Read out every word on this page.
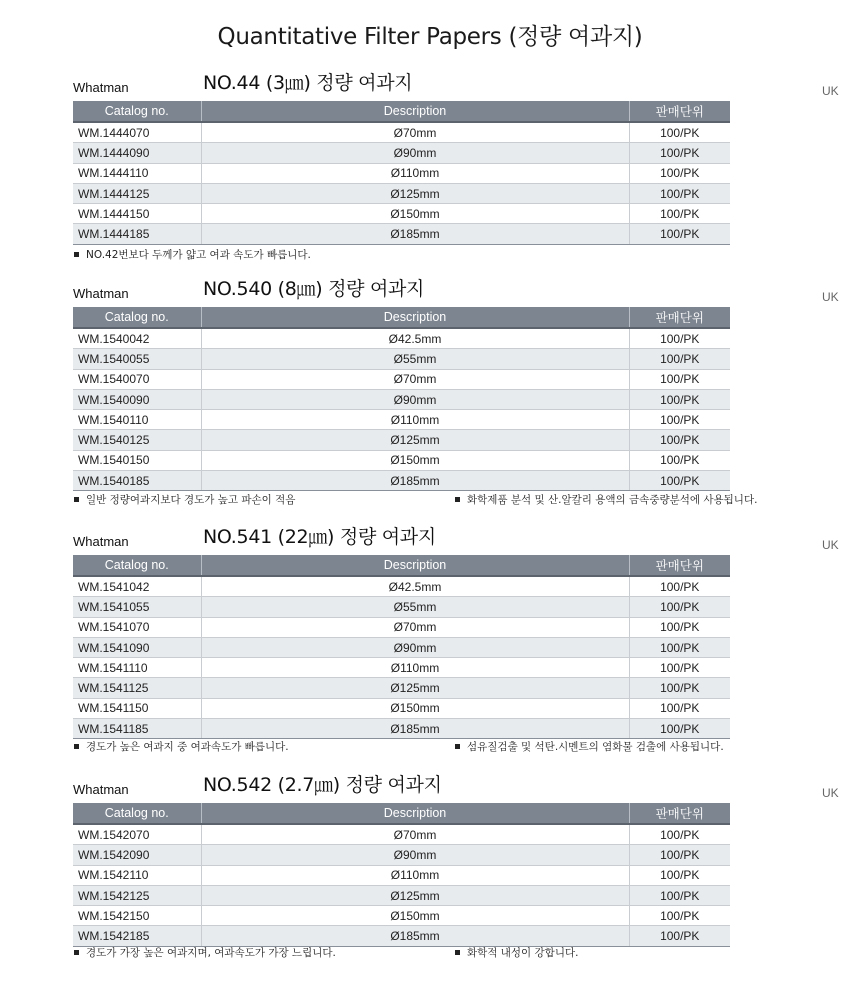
Quantitative Filter Papers (정량 여과지)
Whatman	NO.44 (3㎛) 정량 여과지	UK
Catalog no.	Description	판매단위
WM.1444070	Ø70mm	100/PK
WM.1444090	Ø90mm	100/PK
WM.1444110	Ø110mm	100/PK
WM.1444125	Ø125mm	100/PK
WM.1444150	Ø150mm	100/PK
WM.1444185	Ø185mm	100/PK
NO.42번보다 두께가 얇고 여과 속도가 빠릅니다.
Whatman	NO.540 (8㎛) 정량 여과지	UK
Catalog no.	Description	판매단위
WM.1540042	Ø42.5mm	100/PK
WM.1540055	Ø55mm	100/PK
WM.1540070	Ø70mm	100/PK
WM.1540090	Ø90mm	100/PK
WM.1540110	Ø110mm	100/PK
WM.1540125	Ø125mm	100/PK
WM.1540150	Ø150mm	100/PK
WM.1540185	Ø185mm	100/PK
일반 정량여과지보다 경도가 높고 파손이 적음	화학제품 분석 및 산.알칼리 용액의 금속중량분석에 사용됩니다.
Whatman	NO.541 (22㎛) 정량 여과지	UK
Catalog no.	Description	판매단위
WM.1541042	Ø42.5mm	100/PK
WM.1541055	Ø55mm	100/PK
WM.1541070	Ø70mm	100/PK
WM.1541090	Ø90mm	100/PK
WM.1541110	Ø110mm	100/PK
WM.1541125	Ø125mm	100/PK
WM.1541150	Ø150mm	100/PK
WM.1541185	Ø185mm	100/PK
경도가 높은 여과지 중 여과속도가 빠릅니다.	섬유질검출 및 석탄.시멘트의 염화물 검출에 사용됩니다.
Whatman	NO.542 (2.7㎛) 정량 여과지	UK
Catalog no.	Description	판매단위
WM.1542070	Ø70mm	100/PK
WM.1542090	Ø90mm	100/PK
WM.1542110	Ø110mm	100/PK
WM.1542125	Ø125mm	100/PK
WM.1542150	Ø150mm	100/PK
WM.1542185	Ø185mm	100/PK
경도가 가장 높은 여과지며, 여과속도가 가장 느립니다.	화학적 내성이 강합니다.
